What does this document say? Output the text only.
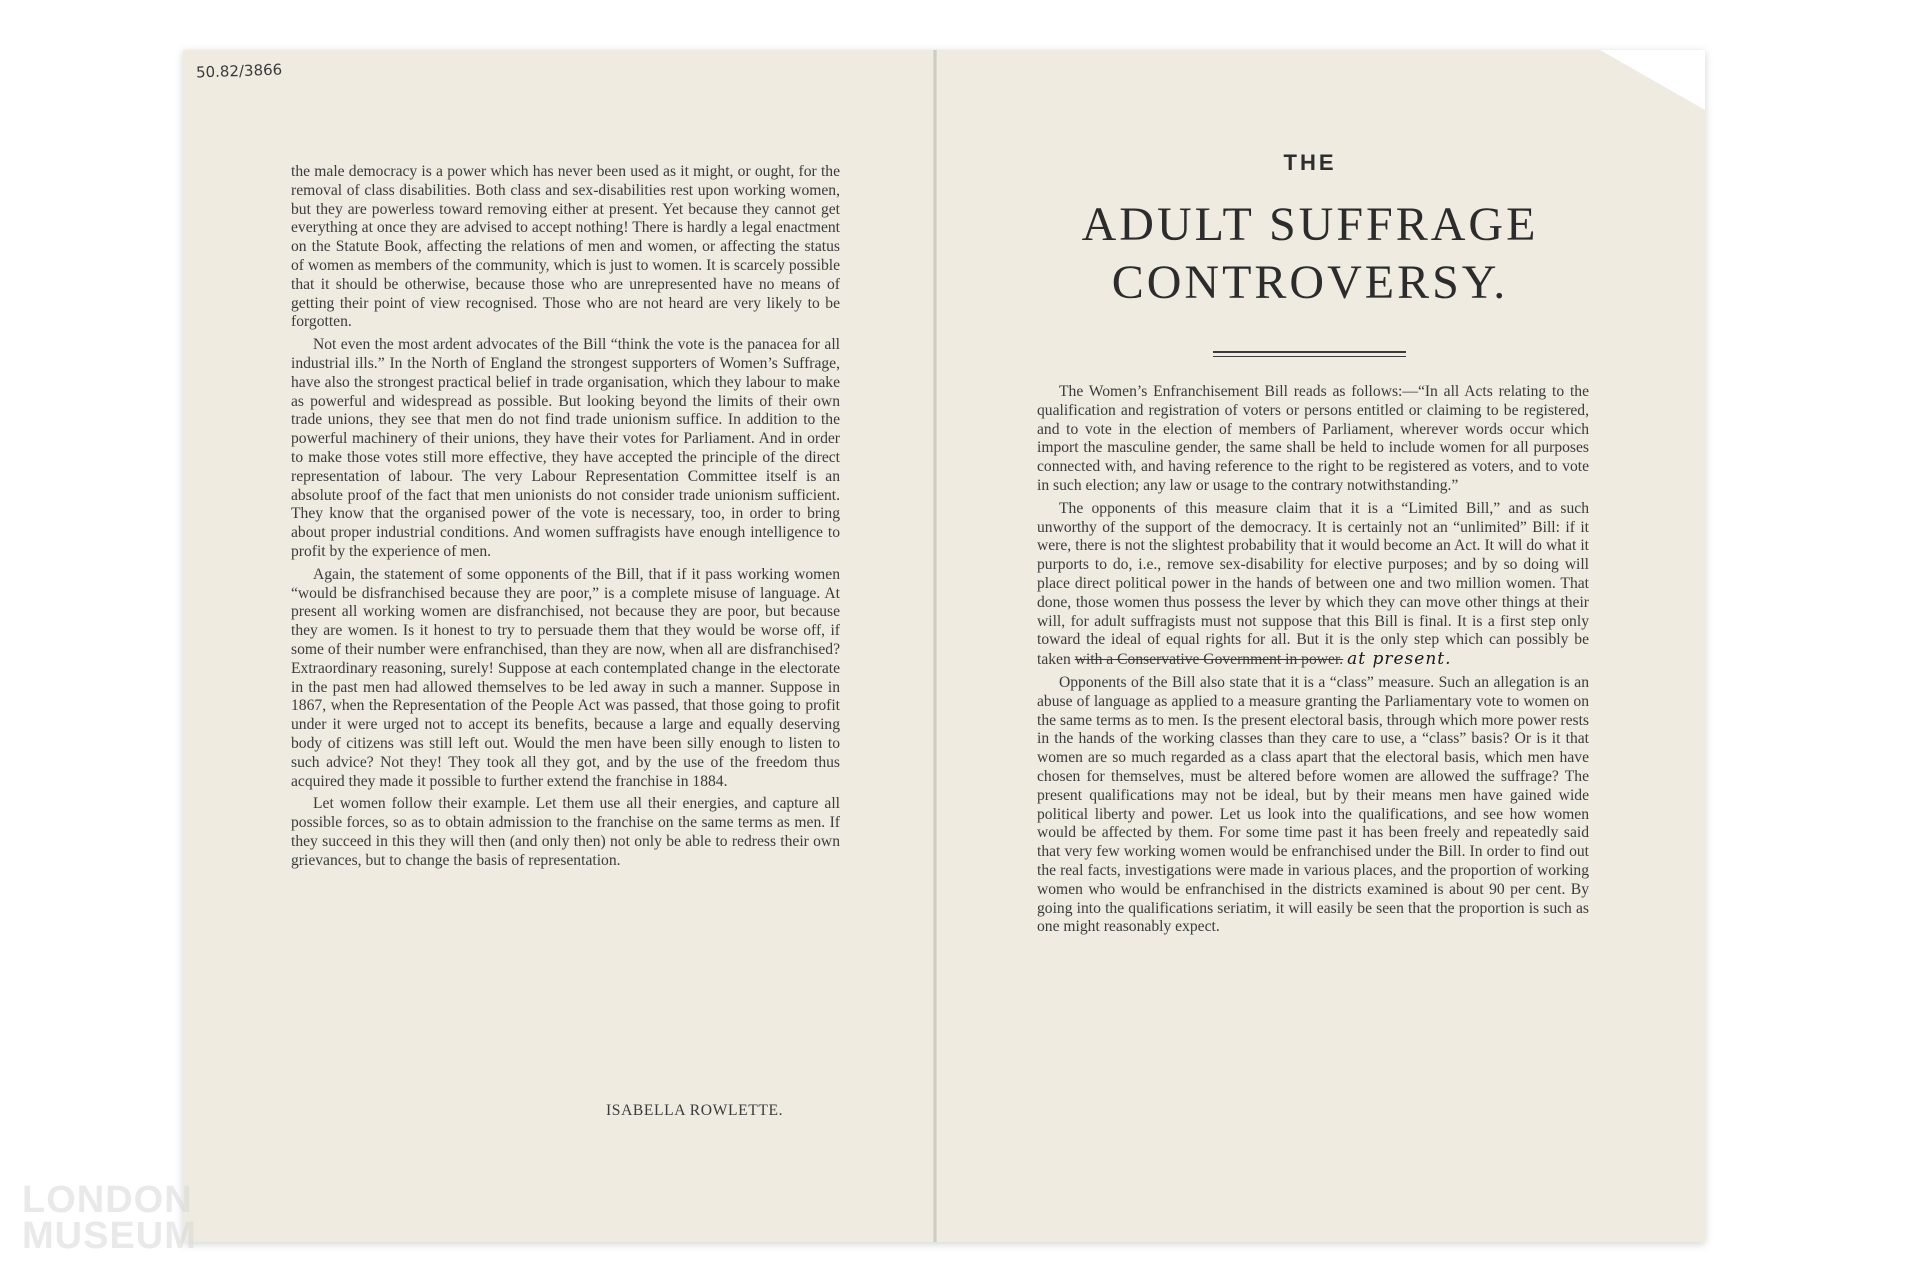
50.82/3866

the male democracy is a power which has never been used as it might, or ought, for the removal of class disabilities. Both class and sex-disabilities rest upon working women, but they are powerless toward removing either at present. Yet because they cannot get everything at once they are advised to accept nothing! There is hardly a legal enactment on the Statute Book, affecting the relations of men and women, or affecting the status of women as members of the community, which is just to women. It is scarcely possible that it should be otherwise, because those who are unrepresented have no means of getting their point of view recognised. Those who are not heard are very likely to be forgotten.

Not even the most ardent advocates of the Bill “think the vote is the panacea for all industrial ills.” In the North of England the strongest supporters of Women’s Suffrage, have also the strongest practical belief in trade organisation, which they labour to make as powerful and widespread as possible. But looking beyond the limits of their own trade unions, they see that men do not find trade unionism suffice. In addition to the powerful machinery of their unions, they have their votes for Parliament. And in order to make those votes still more effective, they have accepted the principle of the direct representation of labour. The very Labour Representation Committee itself is an absolute proof of the fact that men unionists do not consider trade unionism sufficient. They know that the organised power of the vote is necessary, too, in order to bring about proper industrial conditions. And women suffragists have enough intelligence to profit by the experience of men.

Again, the statement of some opponents of the Bill, that if it pass working women “would be disfranchised because they are poor,” is a complete misuse of language. At present all working women are disfranchised, not because they are poor, but because they are women. Is it honest to try to persuade them that they would be worse off, if some of their number were enfranchised, than they are now, when all are disfranchised? Extraordinary reasoning, surely! Suppose at each contemplated change in the electorate in the past men had allowed themselves to be led away in such a manner. Suppose in 1867, when the Representation of the People Act was passed, that those going to profit under it were urged not to accept its benefits, because a large and equally deserving body of citizens was still left out. Would the men have been silly enough to listen to such advice? Not they! They took all they got, and by the use of the freedom thus acquired they made it possible to further extend the franchise in 1884.

Let women follow their example. Let them use all their energies, and capture all possible forces, so as to obtain admission to the franchise on the same terms as men. If they succeed in this they will then (and only then) not only be able to redress their own grievances, but to change the basis of representation.

ISABELLA ROWLETTE.
THE
ADULT SUFFRAGE
CONTROVERSY.

The Women’s Enfranchisement Bill reads as follows:—“In all Acts relating to the qualification and registration of voters or persons entitled or claiming to be registered, and to vote in the election of members of Parliament, wherever words occur which import the masculine gender, the same shall be held to include women for all purposes connected with, and having reference to the right to be registered as voters, and to vote in such election; any law or usage to the contrary notwithstanding.”

The opponents of this measure claim that it is a “Limited Bill,” and as such unworthy of the support of the democracy. It is certainly not an “unlimited” Bill: if it were, there is not the slightest probability that it would become an Act. It will do what it purports to do, i.e., remove sex-disability for elective purposes; and by so doing will place direct political power in the hands of between one and two million women. That done, those women thus possess the lever by which they can move other things at their will, for adult suffragists must not suppose that this Bill is final. It is a first step only toward the ideal of equal rights for all. But it is the only step which can possibly be taken with a Conservative Government in power. at present.

Opponents of the Bill also state that it is a “class” measure. Such an allegation is an abuse of language as applied to a measure granting the Parliamentary vote to women on the same terms as to men. Is the present electoral basis, through which more power rests in the hands of the working classes than they care to use, a “class” basis? Or is it that women are so much regarded as a class apart that the electoral basis, which men have chosen for themselves, must be altered before women are allowed the suffrage? The present qualifications may not be ideal, but by their means men have gained wide political liberty and power. Let us look into the qualifications, and see how women would be affected by them. For some time past it has been freely and repeatedly said that very few working women would be enfranchised under the Bill. In order to find out the real facts, investigations were made in various places, and the proportion of working women who would be enfranchised in the districts examined is about 90 per cent. By going into the qualifications seriatim, it will easily be seen that the proportion is such as one might reasonably expect.

LONDON
MUSEUM
